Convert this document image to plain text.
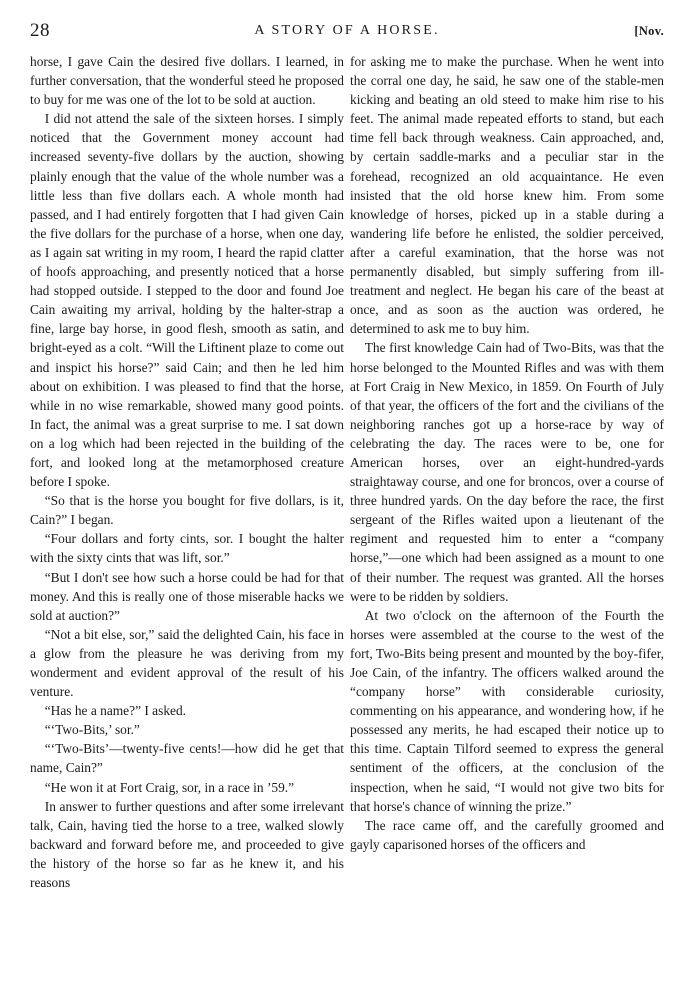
28	A STORY OF A HORSE.	[Nov.

horse, I gave Cain the desired five dollars. I learned, in further conversation, that the wonderful steed he proposed to buy for me was one of the lot to be sold at auction.

I did not attend the sale of the sixteen horses. I simply noticed that the Government money account had increased seventy-five dollars by the auction, showing plainly enough that the value of the whole number was a little less than five dollars each. A whole month had passed, and I had entirely forgotten that I had given Cain the five dollars for the purchase of a horse, when one day, as I again sat writing in my room, I heard the rapid clatter of hoofs approaching, and presently noticed that a horse had stopped outside. I stepped to the door and found Joe Cain awaiting my arrival, holding by the halter-strap a fine, large bay horse, in good flesh, smooth as satin, and bright-eyed as a colt. “Will the Liftinent plaze to come out and inspict his horse?” said Cain; and then he led him about on exhibition. I was pleased to find that the horse, while in no wise remarkable, showed many good points. In fact, the animal was a great surprise to me. I sat down on a log which had been rejected in the building of the fort, and looked long at the metamorphosed creature before I spoke.

“So that is the horse you bought for five dollars, is it, Cain?” I began.

“Four dollars and forty cints, sor. I bought the halter with the sixty cints that was lift, sor.”

“But I don't see how such a horse could be had for that money. And this is really one of those miserable hacks we sold at auction?”

“Not a bit else, sor,” said the delighted Cain, his face in a glow from the pleasure he was deriving from my wonderment and evident approval of the result of his venture.

“Has he a name?” I asked.

“‘Two-Bits,’ sor.”

“‘Two-Bits’—twenty-five cents!—how did he get that name, Cain?”

“He won it at Fort Craig, sor, in a race in ’59.”

In answer to further questions and after some irrelevant talk, Cain, having tied the horse to a tree, walked slowly backward and forward before me, and proceeded to give the history of the horse so far as he knew it, and his reasons

for asking me to make the purchase. When he went into the corral one day, he said, he saw one of the stable-men kicking and beating an old steed to make him rise to his feet. The animal made repeated efforts to stand, but each time fell back through weakness. Cain approached, and, by certain saddle-marks and a peculiar star in the forehead, recognized an old acquaintance. He even insisted that the old horse knew him. From some knowledge of horses, picked up in a stable during a wandering life before he enlisted, the soldier perceived, after a careful examination, that the horse was not permanently disabled, but simply suffering from ill-treatment and neglect. He began his care of the beast at once, and as soon as the auction was ordered, he determined to ask me to buy him.

The first knowledge Cain had of Two-Bits, was that the horse belonged to the Mounted Rifles and was with them at Fort Craig in New Mexico, in 1859. On Fourth of July of that year, the officers of the fort and the civilians of the neighboring ranches got up a horse-race by way of celebrating the day. The races were to be, one for American horses, over an eight-hundred-yards straightaway course, and one for broncos, over a course of three hundred yards. On the day before the race, the first sergeant of the Rifles waited upon a lieutenant of the regiment and requested him to enter a “company horse,”—one which had been assigned as a mount to one of their number. The request was granted. All the horses were to be ridden by soldiers.

At two o'clock on the afternoon of the Fourth the horses were assembled at the course to the west of the fort, Two-Bits being present and mounted by the boy-fifer, Joe Cain, of the infantry. The officers walked around the “company horse” with considerable curiosity, commenting on his appearance, and wondering how, if he possessed any merits, he had escaped their notice up to this time. Captain Tilford seemed to express the general sentiment of the officers, at the conclusion of the inspection, when he said, “I would not give two bits for that horse's chance of winning the prize.”

The race came off, and the carefully groomed and gayly caparisoned horses of the officers and
